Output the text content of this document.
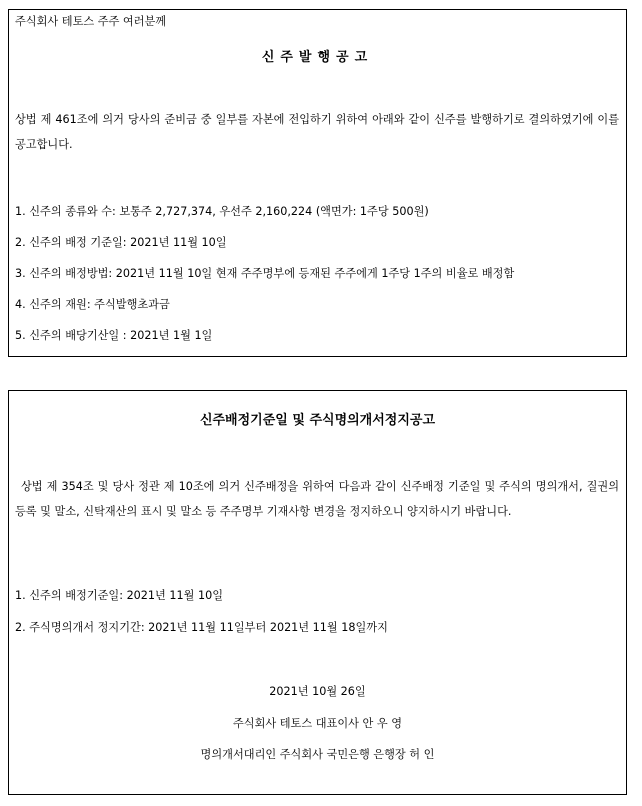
주식회사 테토스 주주 여러분께
신주발행공고
상법 제 461조에 의거 당사의 준비금 중 일부를 자본에 전입하기 위하여 아래와 같이 신주를 발행하기로 결의하였기에 이를 공고합니다.
1. 신주의 종류와 수: 보통주 2,727,374, 우선주 2,160,224 (액면가: 1주당 500원)
2. 신주의 배정 기준일: 2021년 11월 10일
3. 신주의 배정방법: 2021년 11월 10일 현재 주주명부에 등재된 주주에게 1주당 1주의 비율로 배정함
4. 신주의 재원: 주식발행초과금
5. 신주의 배당기산일 : 2021년 1월 1일
신주배정기준일 및 주식명의개서정지공고
상법 제 354조 및 당사 정관 제 10조에 의거 신주배정을 위하여 다음과 같이 신주배정 기준일 및 주식의 명의개서, 질권의 등록 및 말소, 신탁재산의 표시 및 말소 등 주주명부 기재사항 변경을 정지하오니 양지하시기 바랍니다.
1. 신주의 배정기준일: 2021년 11월 10일
2. 주식명의개서 정지기간: 2021년 11월 11일부터 2021년 11월 18일까지
2021년 10월 26일
주식회사 테토스 대표이사 안 우 영
명의개서대리인 주식회사 국민은행 은행장 허 인
